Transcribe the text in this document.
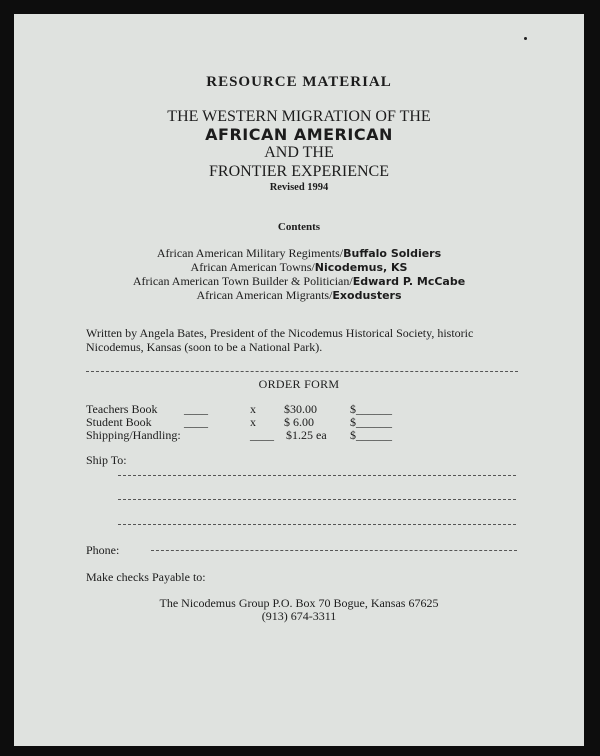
RESOURCE MATERIAL
THE WESTERN MIGRATION OF THE
AFRICAN AMERICAN
AND THE
FRONTIER EXPERIENCE
Revised 1994
Contents
African American Military Regiments/Buffalo Soldiers
African American Towns/Nicodemus, KS
African American Town Builder & Politician/Edward P. McCabe
African American Migrants/Exodusters
Written by Angela Bates, President of the Nicodemus Historical Society, historic Nicodemus, Kansas (soon to be a National Park).
ORDER FORM
Teachers Book ____	x $30.00	$______
Student Book	____	x $ 6.00	$______
Shipping/Handling:	____ $1.25 ea $______
Ship To:
Phone:
Make checks Payable to:
The Nicodemus Group P.O. Box 70 Bogue, Kansas 67625
(913) 674-3311
